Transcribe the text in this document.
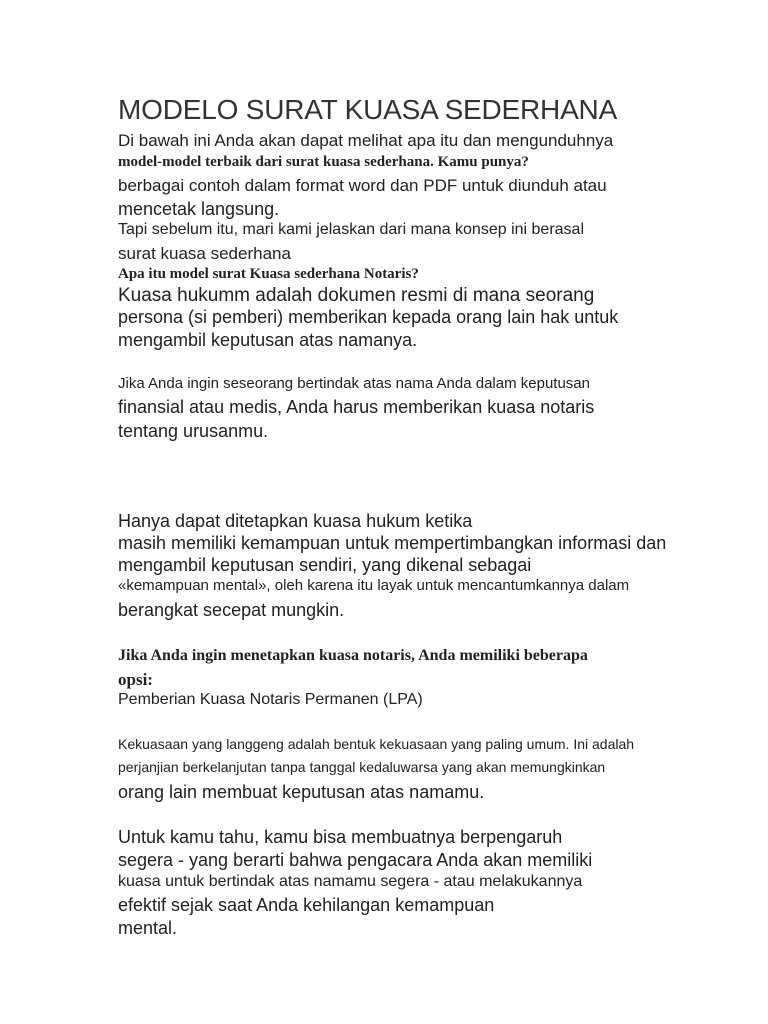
MODELO SURAT KUASA SEDERHANA
Di bawah ini Anda akan dapat melihat apa itu dan mengunduhnya
model-model terbaik dari surat kuasa sederhana. Kamu punya?
berbagai contoh dalam format word dan PDF untuk diunduh atau
mencetak langsung.
Tapi sebelum itu, mari kami jelaskan dari mana konsep ini berasal
surat kuasa sederhana
Apa itu model surat Kuasa sederhana Notaris?
Kuasa hukumm adalah dokumen resmi di mana seorang
persona (si pemberi) memberikan kepada orang lain hak untuk
mengambil keputusan atas namanya.
Jika Anda ingin seseorang bertindak atas nama Anda dalam keputusan
finansial atau medis, Anda harus memberikan kuasa notaris
tentang urusanmu.
Hanya dapat ditetapkan kuasa hukum ketika
masih memiliki kemampuan untuk mempertimbangkan informasi dan
mengambil keputusan sendiri, yang dikenal sebagai
«kemampuan mental», oleh karena itu layak untuk mencantumkannya dalam
berangkat secepat mungkin.
Jika Anda ingin menetapkan kuasa notaris, Anda memiliki beberapa
opsi:
Pemberian Kuasa Notaris Permanen (LPA)
Kekuasaan yang langgeng adalah bentuk kekuasaan yang paling umum. Ini adalah
perjanjian berkelanjutan tanpa tanggal kedaluwarsa yang akan memungkinkan
orang lain membuat keputusan atas namamu.
Untuk kamu tahu, kamu bisa membuatnya berpengaruh
segera - yang berarti bahwa pengacara Anda akan memiliki
kuasa untuk bertindak atas namamu segera - atau melakukannya
efektif sejak saat Anda kehilangan kemampuan
mental.
